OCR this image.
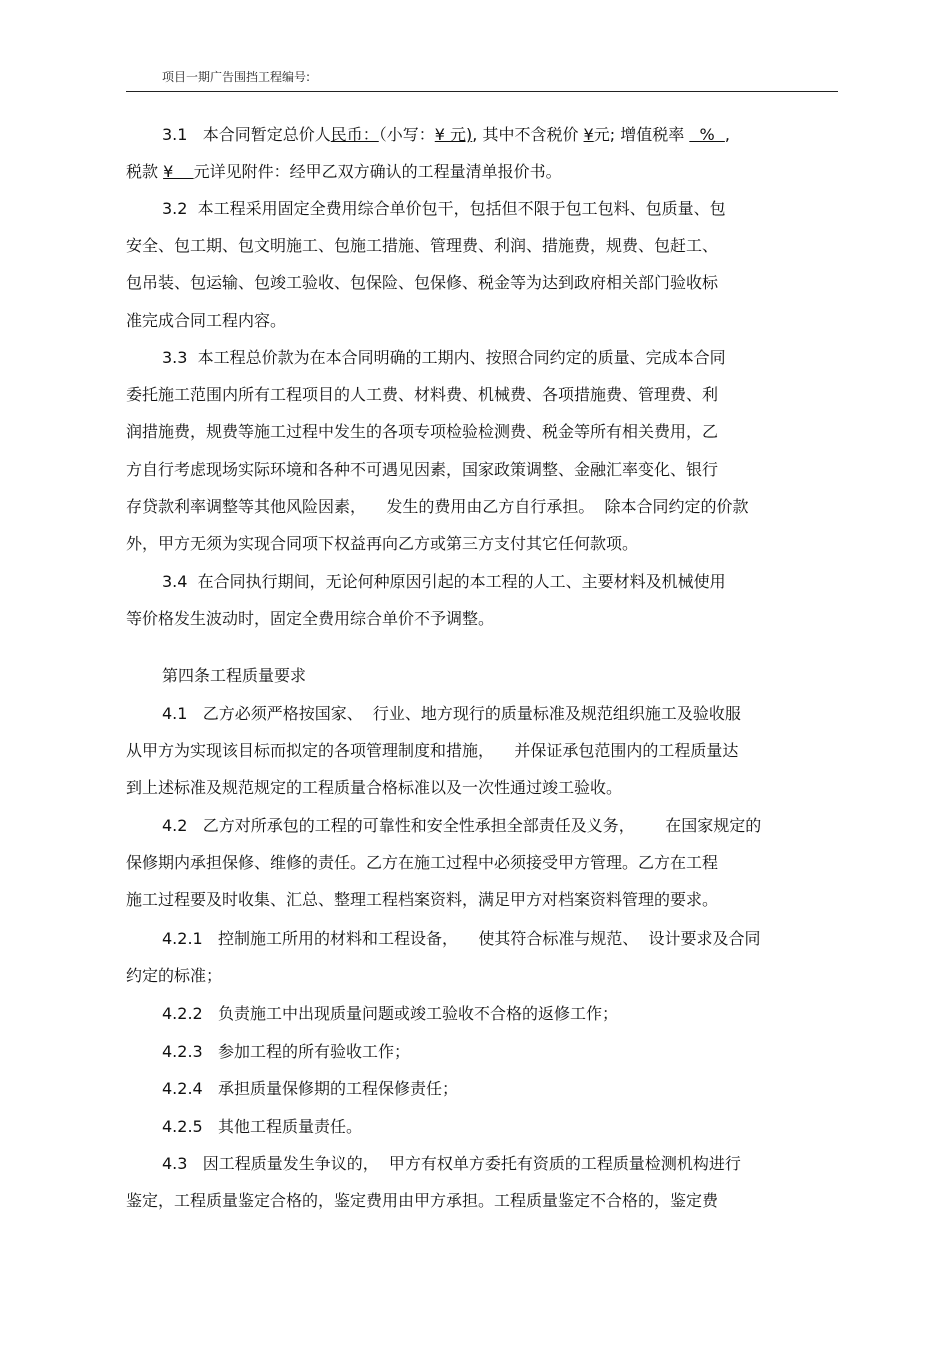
项目一期广告围挡工程编号:
3.1 本合同暂定总价人民币：（小写：¥ 元), 其中不含税价 ¥元; 增值税率   %  ,
税款 ¥    元详见附件：经甲乙双方确认的工程量清单报价书。
3.2 本工程采用固定全费用综合单价包干，包括但不限于包工包料、包质量、包
安全、包工期、包文明施工、包施工措施、管理费、利润、措施费，规费、包赶工、
包吊装、包运输、包竣工验收、包保险、包保修、税金等为达到政府相关部门验收标
准完成合同工程内容。
3.3 本工程总价款为在本合同明确的工期内、按照合同约定的质量、完成本合同
委托施工范围内所有工程项目的人工费、材料费、机械费、各项措施费、管理费、利
润措施费，规费等施工过程中发生的各项专项检验检测费、税金等所有相关费用，乙
方自行考虑现场实际环境和各种不可遇见因素，国家政策调整、金融汇率变化、银行
存贷款利率调整等其他风险因素，    发生的费用由乙方自行承担。  除本合同约定的价款
外，甲方无须为实现合同项下权益再向乙方或第三方支付其它任何款项。
3.4 在合同执行期间，无论何种原因引起的本工程的人工、主要材料及机械使用
等价格发生波动时，固定全费用综合单价不予调整。
第四条工程质量要求
4.1 乙方必须严格按国家、  行业、地方现行的质量标准及规范组织施工及验收服
从甲方为实现该目标而拟定的各项管理制度和措施，    并保证承包范围内的工程质量达
到上述标准及规范规定的工程质量合格标准以及一次性通过竣工验收。
4.2 乙方对所承包的工程的可靠性和安全性承担全部责任及义务，      在国家规定的
保修期内承担保修、维修的责任。乙方在施工过程中必须接受甲方管理。乙方在工程
施工过程要及时收集、汇总、整理工程档案资料，满足甲方对档案资料管理的要求。
4.2.1 控制施工所用的材料和工程设备，    使其符合标准与规范、  设计要求及合同
约定的标准；
4.2.2 负责施工中出现质量问题或竣工验收不合格的返修工作；
4.2.3 参加工程的所有验收工作；
4.2.4 承担质量保修期的工程保修责任；
4.2.5 其他工程质量责任。
4.3 因工程质量发生争议的，  甲方有权单方委托有资质的工程质量检测机构进行
鉴定，工程质量鉴定合格的，鉴定费用由甲方承担。工程质量鉴定不合格的，鉴定费
